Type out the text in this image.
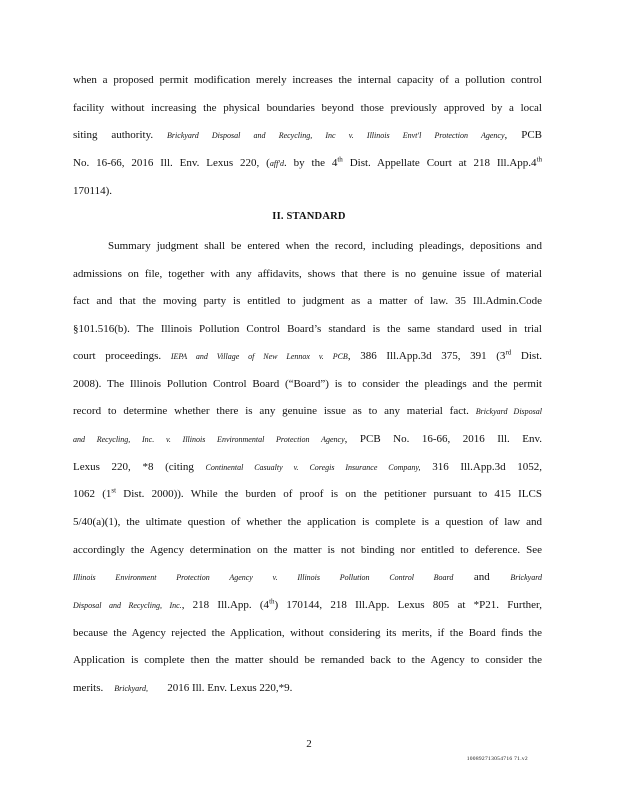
when a proposed permit modification merely increases the internal capacity of a pollution control
facility without increasing the physical boundaries beyond those previously approved by a local
siting authority. Brickyard Disposal and Recycling, Inc v. Illinois Envt'l Protection Agency, PCB
No. 16-66, 2016 Ill. Env. Lexus 220, (aff'd. by the 4th Dist. Appellate Court at 218 Ill.App.4th
170114).
II. STANDARD
Summary judgment shall be entered when the record, including pleadings, depositions and
admissions on file, together with any affidavits, shows that there is no genuine issue of material
fact and that the moving party is entitled to judgment as a matter of law. 35 Ill.Admin.Code
§101.516(b). The Illinois Pollution Control Board’s standard is the same standard used in trial
court proceedings. IEPA and Village of New Lennox v. PCB, 386 Ill.App.3d 375, 391 (3rd Dist.
2008). The Illinois Pollution Control Board (“Board”) is to consider the pleadings and the permit
record to determine whether there is any genuine issue as to any material fact. Brickyard Disposal
and Recycling, Inc. v. Illinois Environmental Protection Agency, PCB No. 16-66, 2016 Ill. Env.
Lexus 220, *8 (citing Continental Casualty v. Coregis Insurance Company, 316 Ill.App.3d 1052,
1062 (1st Dist. 2000)). While the burden of proof is on the petitioner pursuant to 415 ILCS
5/40(a)(1), the ultimate question of whether the application is complete is a question of law and
accordingly the Agency determination on the matter is not binding nor entitled to deference. See
Illinois Environment Protection Agency v. Illinois Pollution Control Board and	Brickyard
Disposal and Recycling, Inc., 218 Ill.App. (4th) 170144, 218 Ill.App. Lexus 805 at *P21. Further,
because the Agency rejected the Application, without considering its merits, if the Board finds the
Application is complete then the matter should be remanded back to the Agency to consider the
merits. Brickyard, 2016 Ill. Env. Lexus 220,*9.
2
100892713054716 71.v2
